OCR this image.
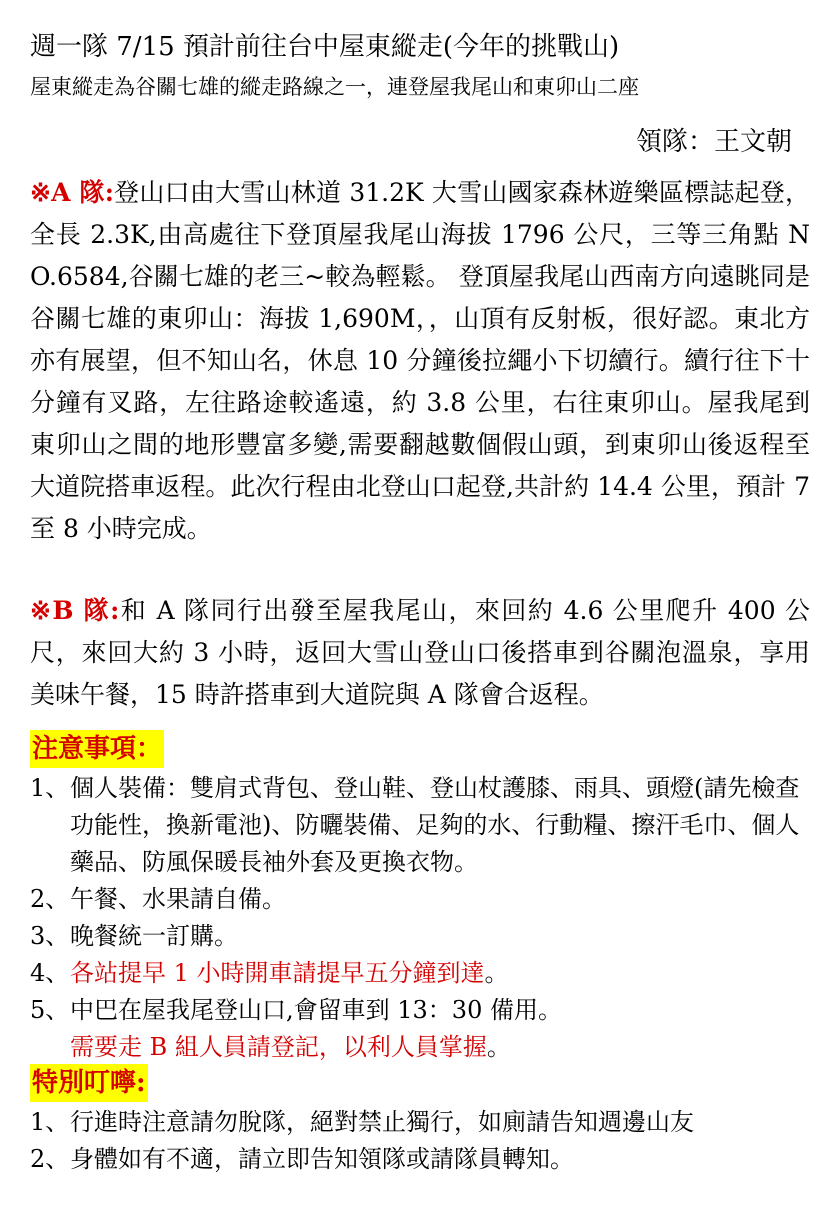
週一隊 7/15 預計前往台中屋東縱走(今年的挑戰山)
屋東縱走為谷關七雄的縱走路線之一，連登屋我尾山和東卯山二座
領隊：王文朝
※A 隊:登山口由大雪山林道 31.2K 大雪山國家森林遊樂區標誌起登，全長 2.3K,由高處往下登頂屋我尾山海拔 1796 公尺，三等三角點 NO.6584,谷關七雄的老三~較為輕鬆。 登頂屋我尾山西南方向遠眺同是谷關七雄的東卯山：海拔 1,690M，，山頂有反射板，很好認。東北方亦有展望，但不知山名，休息 10 分鐘後拉繩小下切續行。續行往下十分鐘有叉路，左往路途較遙遠，約 3.8 公里，右往東卯山。屋我尾到東卯山之間的地形豐富多變,需要翻越數個假山頭，到東卯山後返程至大道院搭車返程。此次行程由北登山口起登,共計約 14.4 公里，預計 7 至 8 小時完成。
※B 隊:和 A 隊同行出發至屋我尾山，來回約 4.6 公里爬升 400 公尺，來回大約 3 小時，返回大雪山登山口後搭車到谷關泡溫泉，享用美味午餐，15 時許搭車到大道院與 A 隊會合返程。
注意事項：
1、 個人裝備：雙肩式背包、登山鞋、登山杖護膝、雨具、頭燈(請先檢查功能性，換新電池)、防曬裝備、足夠的水、行動糧、擦汗毛巾、個人藥品、防風保暖長袖外套及更換衣物。
2、 午餐、水果請自備。
3、 晚餐統一訂購。
4、 各站提早 1 小時開車請提早五分鐘到達。
5、 中巴在屋我尾登山口,會留車到 13：30 備用。
需要走 B 組人員請登記，以利人員掌握。
特別叮嚀:
1、 行進時注意請勿脫隊，絕對禁止獨行，如廁請告知週邊山友
2、 身體如有不適，請立即告知領隊或請隊員轉知。
